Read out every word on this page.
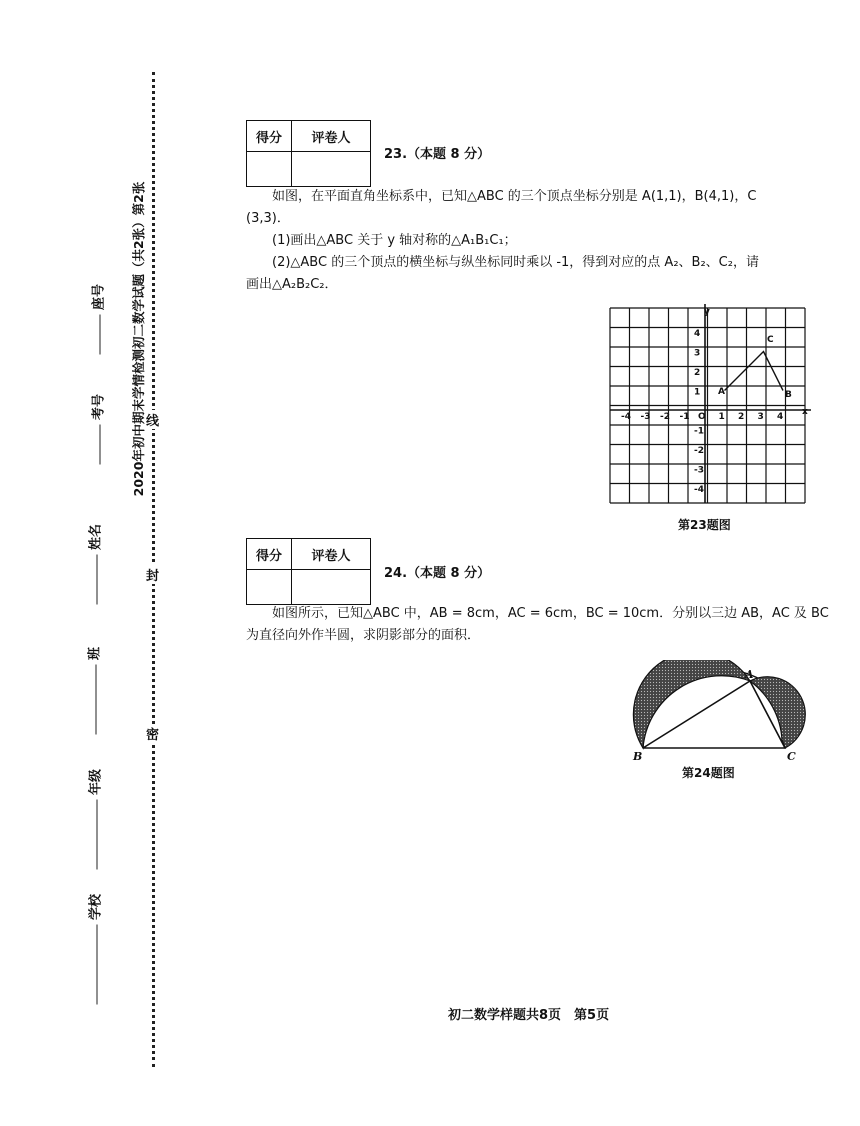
线
封
密
2020年初中期末学情检测初二数学试题（共2张）第2张
座号
考号
姓名
班
年级
学校
得分	评卷人

23.（本题 8 分）
如图，在平面直角坐标系中，已知△ABC 的三个顶点坐标分别是 A(1,1)，B(4,1)，C
(3,3)．
(1)画出△ABC 关于 y 轴对称的△A₁B₁C₁；
(2)△ABC 的三个顶点的横坐标与纵坐标同时乘以 -1，得到对应的点 A₂、B₂、C₂，请
画出△A₂B₂C₂．
x
y
O
A	B
C
-4 -3 -2 -1	1 2 3 4
4
3
2
1
-1
-2
-3
-4
第23题图
得分	评卷人

24.（本题 8 分）
如图所示，已知△ABC 中，AB = 8cm，AC = 6cm，BC = 10cm．分别以三边 AB，AC 及 BC
为直径向外作半圆，求阴影部分的面积．
A
B	C
第24题图
初二数学样题共8页　第5页
